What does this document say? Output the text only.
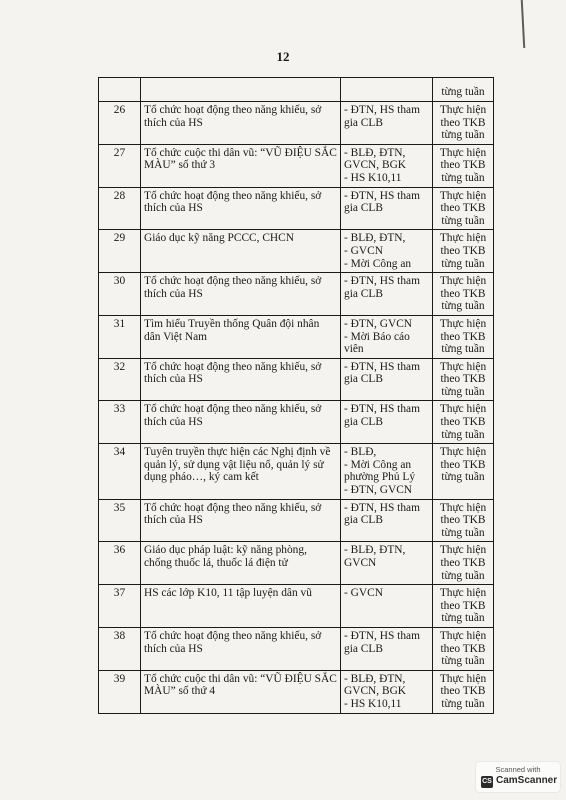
12

			từng tuần

26	Tổ chức hoạt động theo năng khiếu, sở thích của HS	- ĐTN, HS tham
gia CLB	Thực hiện
theo TKB
từng tuần

27	Tổ chức cuộc thi dân vũ: “VŨ ĐIỆU SẮC MÀU” số thứ 3	- BLĐ, ĐTN,
GVCN, BGK
- HS K10,11	Thực hiện
theo TKB
từng tuần

28	Tổ chức hoạt động theo năng khiếu, sở thích của HS	- ĐTN, HS tham
gia CLB	Thực hiện
theo TKB
từng tuần

29	Giáo dục kỹ năng PCCC, CHCN	- BLĐ, ĐTN,
- GVCN
- Mời Công an	Thực hiện
theo TKB
từng tuần

30	Tổ chức hoạt động theo năng khiếu, sở thích của HS	- ĐTN, HS tham
gia CLB	Thực hiện
theo TKB
từng tuần

31	Tìm hiểu Truyền thống Quân đội nhân dân Việt Nam	- ĐTN, GVCN
- Mời Báo cáo
viên	Thực hiện
theo TKB
từng tuần

32	Tổ chức hoạt động theo năng khiếu, sở thích của HS	- ĐTN, HS tham
gia CLB	Thực hiện
theo TKB
từng tuần

33	Tổ chức hoạt động theo năng khiếu, sở thích của HS	- ĐTN, HS tham
gia CLB	Thực hiện
theo TKB
từng tuần

34	Tuyên truyền thực hiện các Nghị định về quản lý, sử dụng vật liệu nổ, quản lý sử dụng pháo…, ký cam kết	- BLĐ,
- Mời Công an
phường Phủ Lý
- ĐTN, GVCN	Thực hiện
theo TKB
từng tuần

35	Tổ chức hoạt động theo năng khiếu, sở thích của HS	- ĐTN, HS tham
gia CLB	Thực hiện
theo TKB
từng tuần

36	Giáo dục pháp luật: kỹ năng phòng, chống thuốc lá, thuốc lá điện tử	- BLĐ, ĐTN,
GVCN	Thực hiện
theo TKB
từng tuần

37	HS các lớp K10, 11 tập luyện dân vũ	- GVCN	Thực hiện
theo TKB
từng tuần

38	Tổ chức hoạt động theo năng khiếu, sở thích của HS	- ĐTN, HS tham
gia CLB	Thực hiện
theo TKB
từng tuần

39	Tổ chức cuộc thi dân vũ: “VŨ ĐIỆU SẮC MÀU” số thứ 4	- BLĐ, ĐTN,
GVCN, BGK
- HS K10,11	Thực hiện
theo TKB
từng tuần
Scanned with
CS CamScanner
